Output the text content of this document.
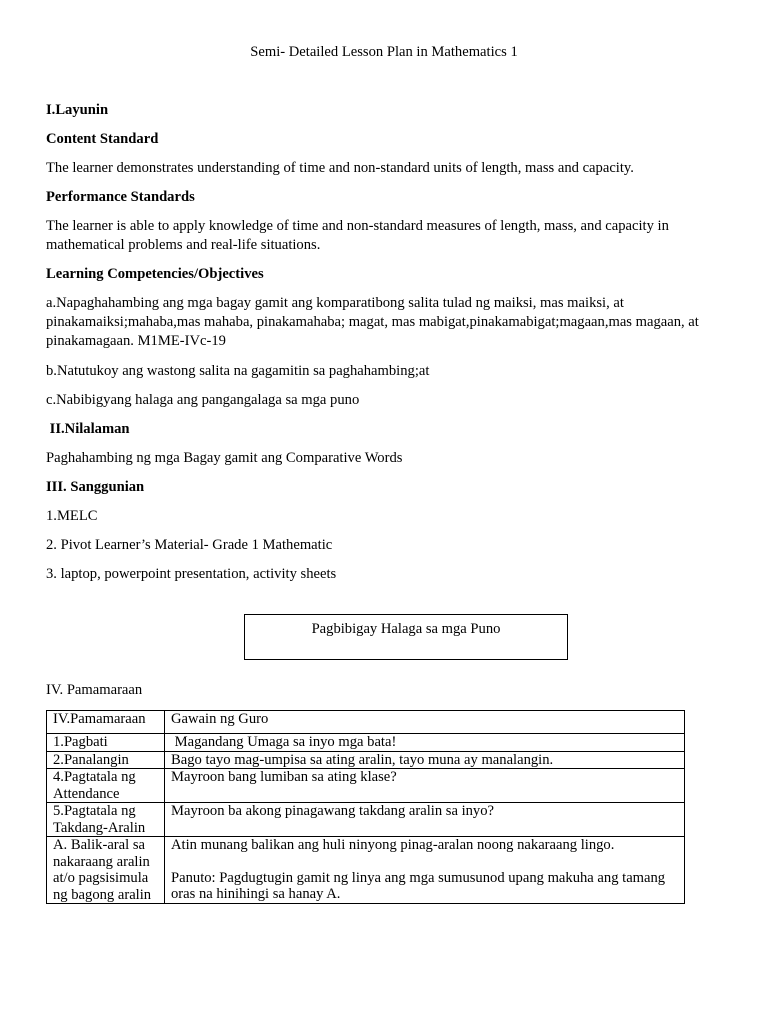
Semi- Detailed Lesson Plan in Mathematics 1

I.Layunin

Content Standard

The learner demonstrates understanding of time and non-standard units of length, mass and capacity.

Performance Standards

The learner is able to apply knowledge of time and non-standard measures of length, mass, and capacity in mathematical problems and real-life situations.

Learning Competencies/Objectives

a.Napaghahambing ang mga bagay gamit ang komparatibong salita tulad ng maiksi, mas maiksi, at pinakamaiksi;mahaba,mas mahaba, pinakamahaba; magat, mas mabigat,pinakamabigat;magaan,mas magaan, at pinakamagaan. M1ME-IVc-19

b.Natutukoy ang wastong salita na gagamitin sa paghahambing;at

c.Nabibigyang halaga ang pangangalaga sa mga puno

II.Nilalaman

Paghahambing ng mga Bagay gamit ang Comparative Words

III. Sanggunian

1.MELC

2. Pivot Learner’s Material- Grade 1 Mathematic

3. laptop, powerpoint presentation, activity sheets

Pagbibigay Halaga sa mga Puno

IV. Pamamaraan

IV.Pamamaraan	Gawain ng Guro
1.Pagbati	Magandang Umaga sa inyo mga bata!
2.Panalangin	Bago tayo mag-umpisa sa ating aralin, tayo muna ay manalangin.
4.Pagtatala ng Attendance	Mayroon bang lumiban sa ating klase?
5.Pagtatala ng Takdang-Aralin	Mayroon ba akong pinagawang takdang aralin sa inyo?
A. Balik-aral sa nakaraang aralin at/o pagsisimula ng bagong aralin	Atin munang balikan ang huli ninyong pinag-aralan noong nakaraang lingo.
Panuto: Pagdugtugin gamit ng linya ang mga sumusunod upang makuha ang tamang oras na hinihingi sa hanay A.
